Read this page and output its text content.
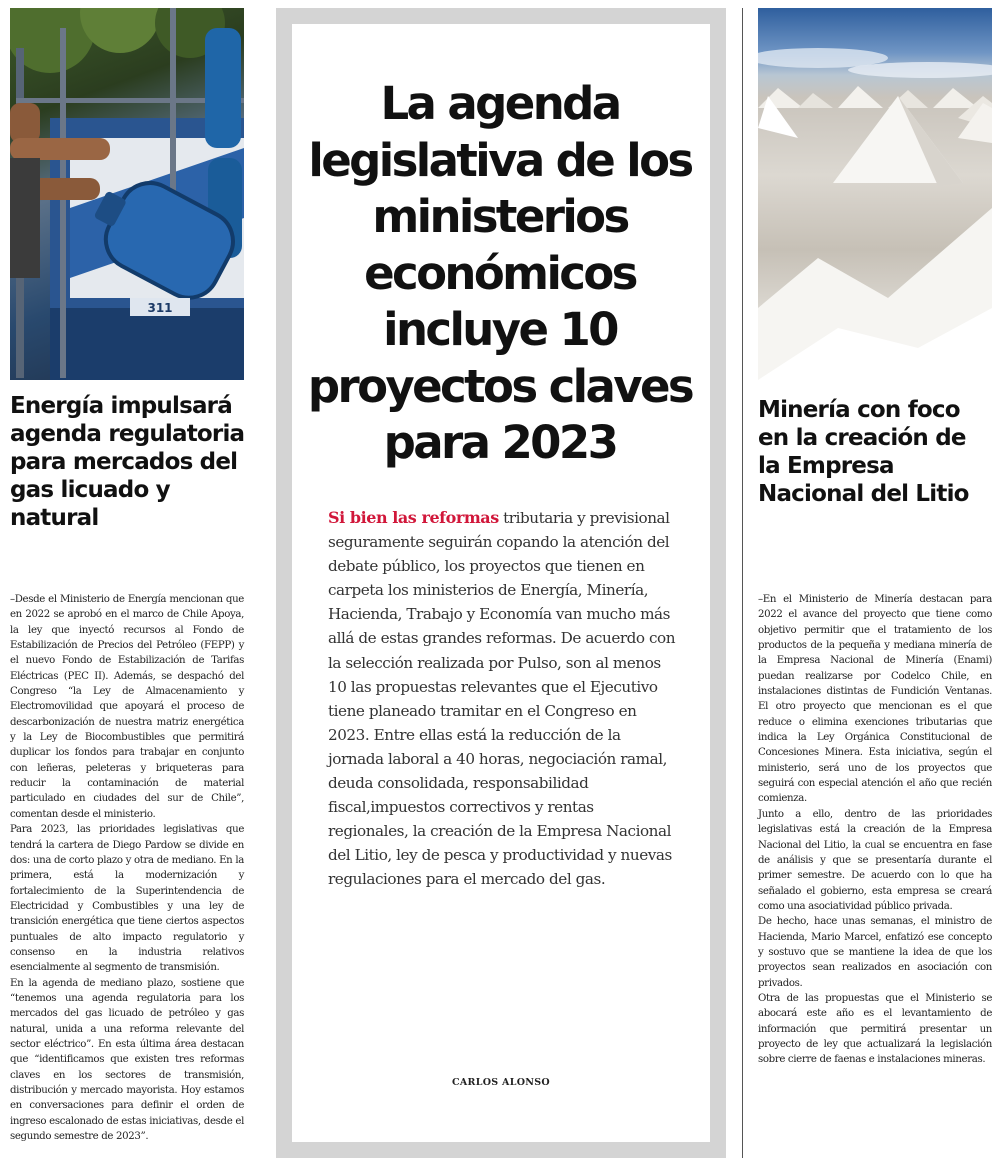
311
Energía impulsará agenda regulatoria para mercados del gas licuado y natural

–Desde el Ministerio de Energía mencionan que en 2022 se aprobó en el marco de Chile Apoya, la ley que inyectó recursos al Fondo de Estabilización de Precios del Petróleo (FEPP) y el nuevo Fondo de Estabilización de Tarifas Eléctricas (PEC II). Además, se despachó del Congreso “la Ley de Almacenamiento y Electromovilidad que apoyará el proceso de descarbonización de nuestra matriz energética y la Ley de Biocombustibles que permitirá duplicar los fondos para trabajar en conjunto con leñeras, peleteras y briqueteras para reducir la contaminación de material particulado en ciudades del sur de Chile”, comentan desde el ministerio.

Para 2023, las prioridades legislativas que tendrá la cartera de Diego Pardow se divide en dos: una de corto plazo y otra de mediano. En la primera, está la modernización y fortalecimiento de la Superintendencia de Electricidad y Combustibles y una ley de transición energética que tiene ciertos aspectos puntuales de alto impacto regulatorio y consenso en la industria relativos esencialmente al segmento de transmisión.

En la agenda de mediano plazo, sostiene que “tenemos una agenda regulatoria para los mercados del gas licuado de petróleo y gas natural, unida a una reforma relevante del sector eléctrico”. En esta última área destacan que “identificamos que existen tres reformas claves en los sectores de transmisión, distribución y mercado mayorista. Hoy estamos en conversaciones para definir el orden de ingreso escalonado de estas iniciativas, desde el segundo semestre de 2023”.

La agenda legislativa de los ministerios económicos incluye 10 proyectos claves para 2023
Si bien las reformas tributaria y previsional seguramente seguirán copando la atención del debate público, los proyectos que tienen en carpeta los ministerios de Energía, Minería, Hacienda, Trabajo y Economía van mucho más allá de estas grandes reformas. De acuerdo con la selección realizada por Pulso, son al menos 10 las propuestas relevantes que el Ejecutivo tiene planeado tramitar en el Congreso en 2023. Entre ellas está la reducción de la jornada laboral a 40 horas, negociación ramal, deuda consolidada, responsabilidad fiscal,impuestos correctivos y rentas regionales, la creación de la Empresa Nacional del Litio, ley de pesca y productividad y nuevas regulaciones para el mercado del gas.
CARLOS ALONSO
Minería con foco en la creación de la Empresa Nacional del Litio

–En el Ministerio de Minería destacan para 2022 el avance del proyecto que tiene como objetivo permitir que el tratamiento de los productos de la pequeña y mediana minería de la Empresa Nacional de Minería (Enami) puedan realizarse por Codelco Chile, en instalaciones distintas de Fundición Ventanas. El otro proyecto que mencionan es el que reduce o elimina exenciones tributarias que indica la Ley Orgánica Constitucional de Concesiones Minera. Esta iniciativa, según el ministerio, será uno de los proyectos que seguirá con especial atención el año que recién comienza.

Junto a ello, dentro de las prioridades legislativas está la creación de la Empresa Nacional del Litio, la cual se encuentra en fase de análisis y que se presentaría durante el primer semestre. De acuerdo con lo que ha señalado el gobierno, esta empresa se creará como una asociatividad público privada.

De hecho, hace unas semanas, el ministro de Hacienda, Mario Marcel, enfatizó ese concepto y sostuvo que se mantiene la idea de que los proyectos sean realizados en asociación con privados.

Otra de las propuestas que el Ministerio se abocará este año es el levantamiento de información que permitirá presentar un proyecto de ley que actualizará la legislación sobre cierre de faenas e instalaciones mineras.
